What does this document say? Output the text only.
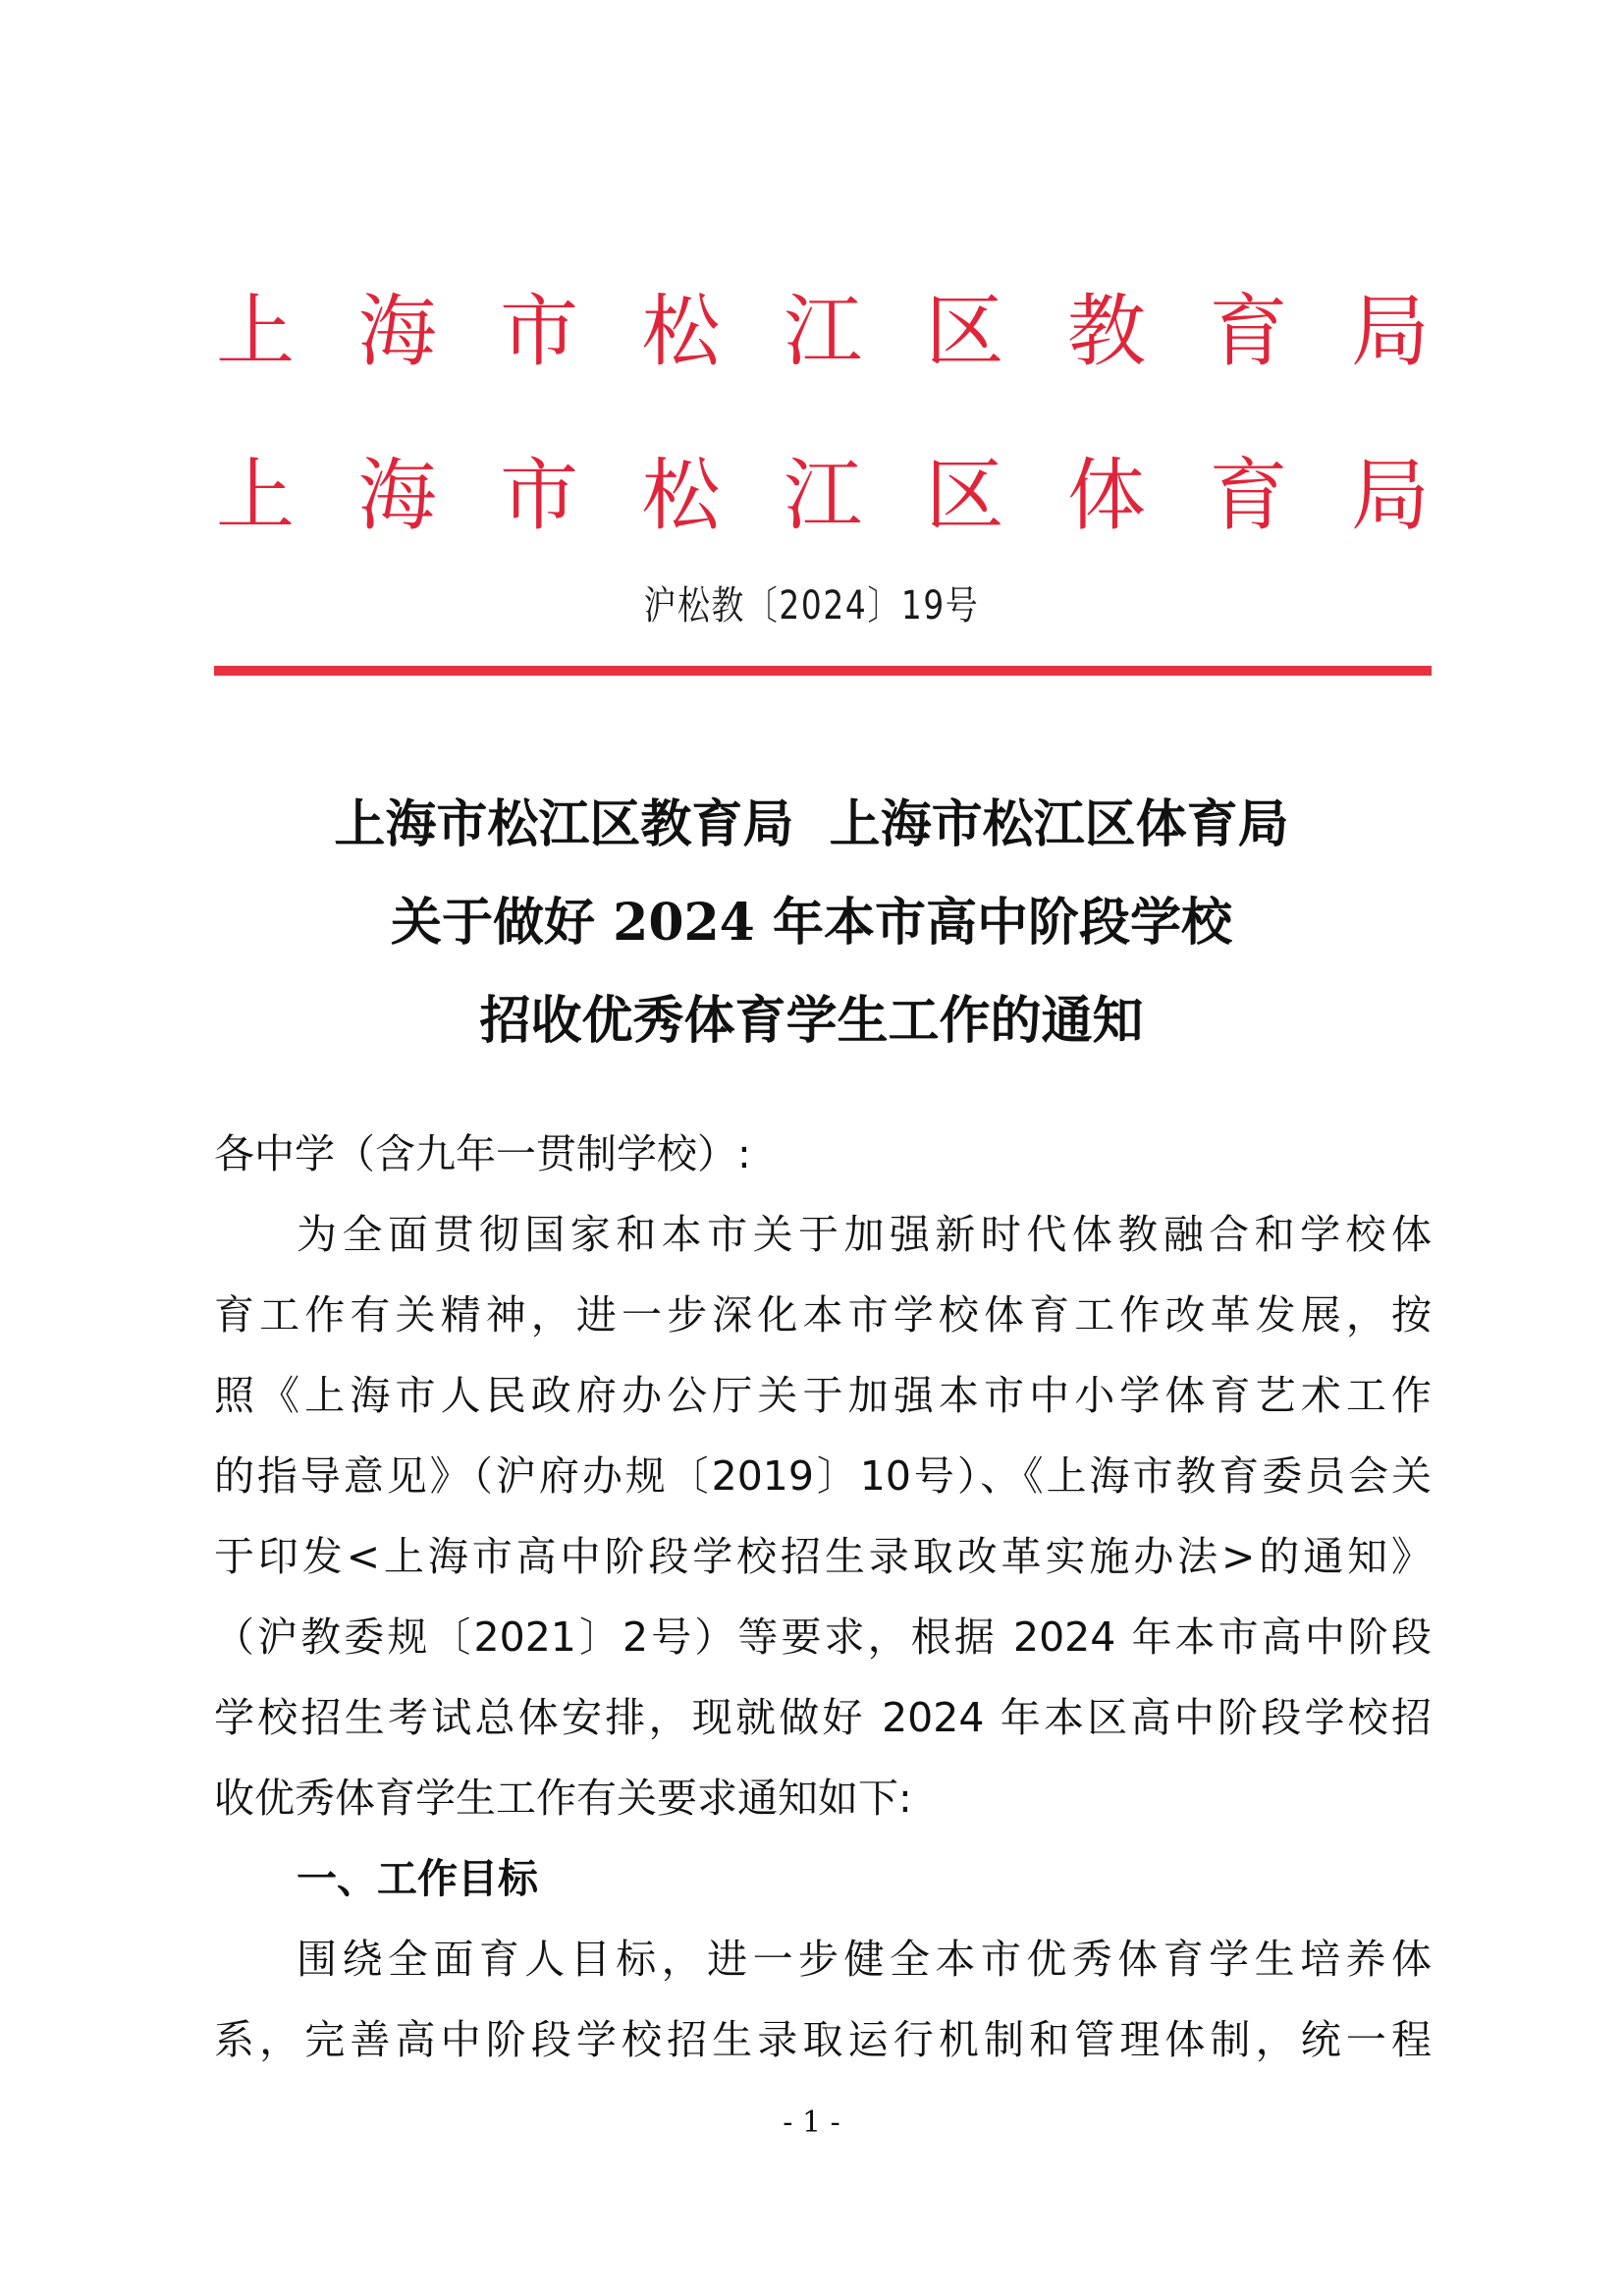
上 海 市 松 江 区 教 育 局
上 海 市 松 江 区 体 育 局
沪松教〔2024〕19号
上海市松江区教育局  上海市松江区体育局
关于做好 2024 年本市高中阶段学校
招收优秀体育学生工作的通知
各中学（含九年一贯制学校）:
为全面贯彻国家和本市关于加强新时代体教融合和学校体
育工作有关精神，进一步深化本市学校体育工作改革发展，按
照《上海市人民政府办公厅关于加强本市中小学体育艺术工作
的指导意见》（沪府办规〔2019〕10号）、《上海市教育委员会关
于印发<上海市高中阶段学校招生录取改革实施办法>的通知》
（沪教委规〔2021〕2号）等要求，根据 2024 年本市高中阶段
学校招生考试总体安排，现就做好 2024 年本区高中阶段学校招
收优秀体育学生工作有关要求通知如下:
一、工作目标
围绕全面育人目标，进一步健全本市优秀体育学生培养体
系，完善高中阶段学校招生录取运行机制和管理体制，统一程
- 1 -
